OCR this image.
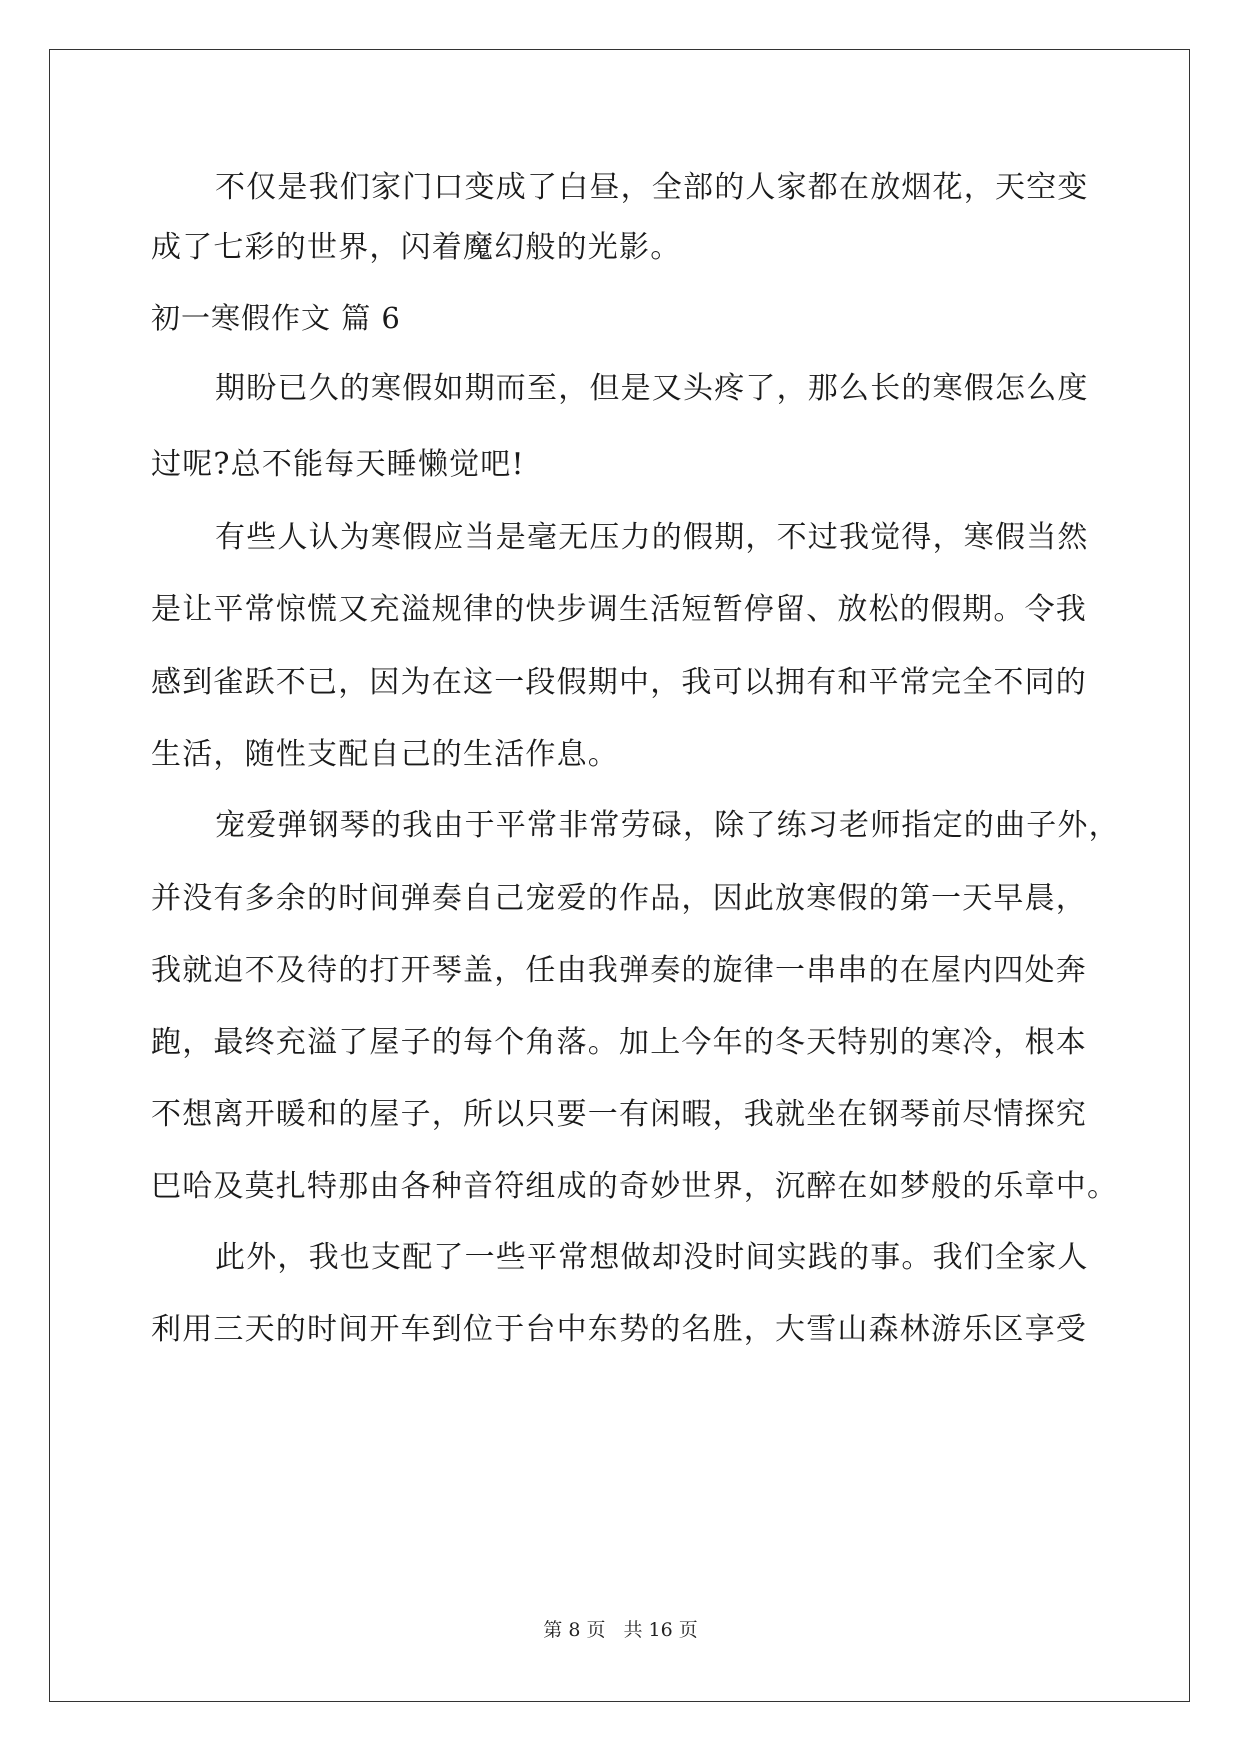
不仅是我们家门口变成了白昼，全部的人家都在放烟花，天空变
成了七彩的世界，闪着魔幻般的光影。
初一寒假作文 篇 6
期盼已久的寒假如期而至，但是又头疼了，那么长的寒假怎么度
过呢?总不能每天睡懒觉吧!
有些人认为寒假应当是毫无压力的假期，不过我觉得，寒假当然
是让平常惊慌又充溢规律的快步调生活短暂停留、放松的假期。令我
感到雀跃不已，因为在这一段假期中，我可以拥有和平常完全不同的
生活，随性支配自己的生活作息。
宠爱弹钢琴的我由于平常非常劳碌，除了练习老师指定的曲子外，
并没有多余的时间弹奏自己宠爱的作品，因此放寒假的第一天早晨，
我就迫不及待的打开琴盖，任由我弹奏的旋律一串串的在屋内四处奔
跑，最终充溢了屋子的每个角落。加上今年的冬天特别的寒冷，根本
不想离开暖和的屋子，所以只要一有闲暇，我就坐在钢琴前尽情探究
巴哈及莫扎特那由各种音符组成的奇妙世界，沉醉在如梦般的乐章中。
此外，我也支配了一些平常想做却没时间实践的事。我们全家人
利用三天的时间开车到位于台中东势的名胜，大雪山森林游乐区享受
第 8 页 共 16 页
